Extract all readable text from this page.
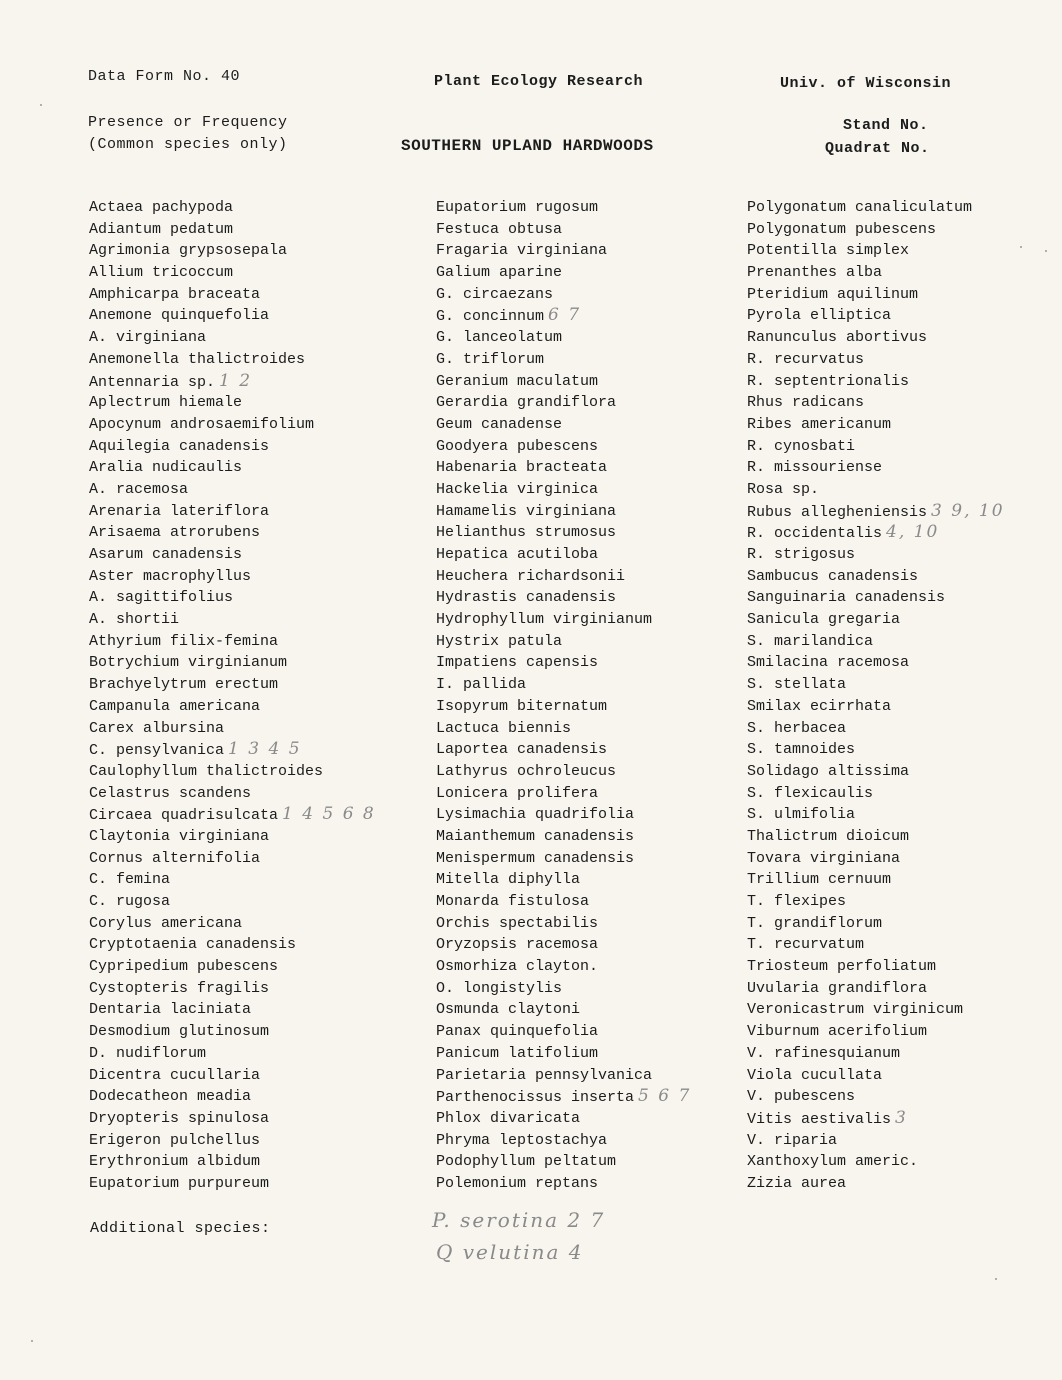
Data Form No. 40	Plant Ecology Research	Univ. of Wisconsin
Presence or Frequency
(Common species only)	SOUTHERN UPLAND HARDWOODS
Stand No.
Quadrat No.
Actaea pachypoda
Adiantum pedatum
Agrimonia grypsosepala
Allium tricoccum
Amphicarpa braceata
Anemone quinquefolia
A. virginiana
Anemonella thalictroides
Antennaria sp. 1 2
Aplectrum hiemale
Apocynum androsaemifolium
Aquilegia canadensis
Aralia nudicaulis
A. racemosa
Arenaria lateriflora
Arisaema atrorubens
Asarum canadensis
Aster macrophyllus
A. sagittifolius
A. shortii
Athyrium filix-femina
Botrychium virginianum
Brachyelytrum erectum
Campanula americana
Carex albursina
C. pensylvanica 1 3 4 5
Caulophyllum thalictroides
Celastrus scandens
Circaea quadrisulcata 1 4 5 6 8
Claytonia virginiana
Cornus alternifolia
C. femina
C. rugosa
Corylus americana
Cryptotaenia canadensis
Cypripedium pubescens
Cystopteris fragilis
Dentaria laciniata
Desmodium glutinosum
D. nudiflorum
Dicentra cucullaria
Dodecatheon meadia
Dryopteris spinulosa
Erigeron pulchellus
Erythronium albidum
Eupatorium purpureum
Eupatorium rugosum
Festuca obtusa
Fragaria virginiana
Galium aparine
G. circaezans
G. concinnum 6 7
G. lanceolatum
G. triflorum
Geranium maculatum
Gerardia grandiflora
Geum canadense
Goodyera pubescens
Habenaria bracteata
Hackelia virginica
Hamamelis virginiana
Helianthus strumosus
Hepatica acutiloba
Heuchera richardsonii
Hydrastis canadensis
Hydrophyllum virginianum
Hystrix patula
Impatiens capensis
I. pallida
Isopyrum biternatum
Lactuca biennis
Laportea canadensis
Lathyrus ochroleucus
Lonicera prolifera
Lysimachia quadrifolia
Maianthemum canadensis
Menispermum canadensis
Mitella diphylla
Monarda fistulosa
Orchis spectabilis
Oryzopsis racemosa
Osmorhiza clayton.
O. longistylis
Osmunda claytoni
Panax quinquefolia
Panicum latifolium
Parietaria pennsylvanica
Parthenocissus inserta 5 6 7
Phlox divaricata
Phryma leptostachya
Podophyllum peltatum
Polemonium reptans
Polygonatum canaliculatum
Polygonatum pubescens
Potentilla simplex
Prenanthes alba
Pteridium aquilinum
Pyrola elliptica
Ranunculus abortivus
R. recurvatus
R. septentrionalis
Rhus radicans
Ribes americanum
R. cynosbati
R. missouriense
Rosa sp.
Rubus allegheniensis 3 9, 10
R. occidentalis 4, 10
R. strigosus
Sambucus canadensis
Sanguinaria canadensis
Sanicula gregaria
S. marilandica
Smilacina racemosa
S. stellata
Smilax ecirrhata
S. herbacea
S. tamnoides
Solidago altissima
S. flexicaulis
S. ulmifolia
Thalictrum dioicum
Tovara virginiana
Trillium cernuum
T. flexipes
T. grandiflorum
T. recurvatum
Triosteum perfoliatum
Uvularia grandiflora
Veronicastrum virginicum
Viburnum acerifolium
V. rafinesquianum
Viola cucullata
V. pubescens
Vitis aestivalis 3
V. riparia
Xanthoxylum americ.
Zizia aurea
Additional species:	P. serotina 2 7
Q velutina 4
